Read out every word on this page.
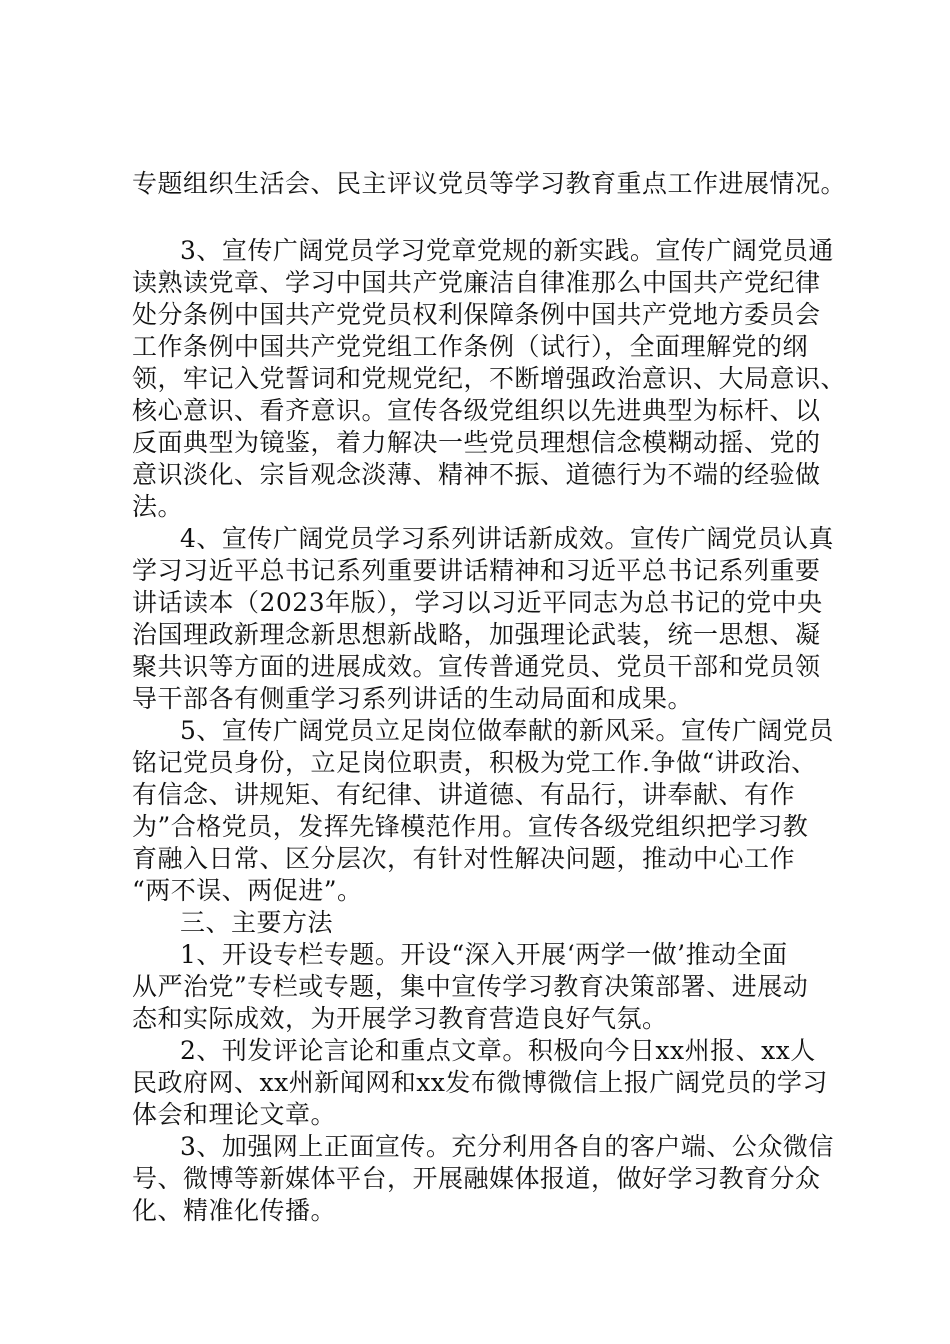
专题组织生活会、民主评议党员等学习教育重点工作进展情况。
3、宣传广阔党员学习党章党规的新实践。宣传广阔党员通
读熟读党章、学习中国共产党廉洁自律准那么中国共产党纪律
处分条例中国共产党党员权利保障条例中国共产党地方委员会
工作条例中国共产党党组工作条例（试行），全面理解党的纲
领，牢记入党誓词和党规党纪，不断增强政治意识、大局意识、
核心意识、看齐意识。宣传各级党组织以先进典型为标杆、以
反面典型为镜鉴，着力解决一些党员理想信念模糊动摇、党的
意识淡化、宗旨观念淡薄、精神不振、道德行为不端的经验做
法。
4、宣传广阔党员学习系列讲话新成效。宣传广阔党员认真
学习习近平总书记系列重要讲话精神和习近平总书记系列重要
讲话读本（2023年版），学习以习近平同志为总书记的党中央
治国理政新理念新思想新战略，加强理论武装，统一思想、凝
聚共识等方面的进展成效。宣传普通党员、党员干部和党员领
导干部各有侧重学习系列讲话的生动局面和成果。
5、宣传广阔党员立足岗位做奉献的新风采。宣传广阔党员
铭记党员身份，立足岗位职责，积极为党工作.争做“讲政治、
有信念、讲规矩、有纪律、讲道德、有品行，讲奉献、有作
为”合格党员，发挥先锋模范作用。宣传各级党组织把学习教
育融入日常、区分层次，有针对性解决问题，推动中心工作
“两不误、两促进”。
三、主要方法
1、开设专栏专题。开设“深入开展‘两学一做’推动全面
从严治党”专栏或专题，集中宣传学习教育决策部署、进展动
态和实际成效，为开展学习教育营造良好气氛。
2、刊发评论言论和重点文章。积极向今日xx州报、xx人
民政府网、xx州新闻网和xx发布微博微信上报广阔党员的学习
体会和理论文章。
3、加强网上正面宣传。充分利用各自的客户端、公众微信
号、微博等新媒体平台，开展融媒体报道，做好学习教育分众
化、精准化传播。
